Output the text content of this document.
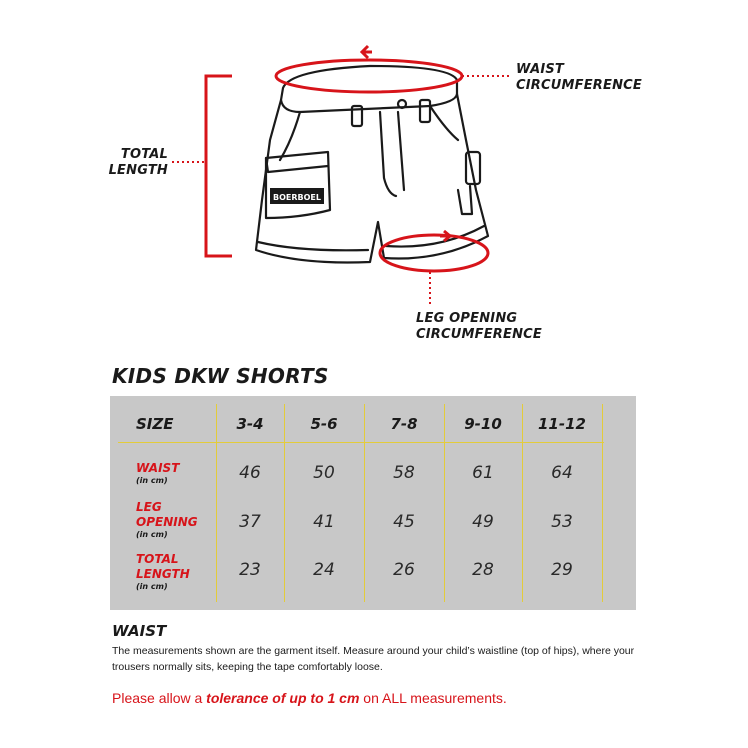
BOERBOEL
WAIST
CIRCUMFERENCE
TOTAL
LENGTH
LEG OPENING
CIRCUMFERENCE
KIDS DKW SHORTS
SIZE	3-4	5-6	7-8	9-10	11-12
WAIST
(in cm)	46	50	58	61	64
LEG
OPENING
(in cm)
37	41	45	49	53
TOTAL
LENGTH
(in cm)
23	24	26	28	29
WAIST
The measurements shown are the garment itself. Measure around your child’s waistline (top of hips), where your trousers normally sits, keeping the tape comfortably loose.
Please allow a tolerance of up to 1 cm on ALL measurements.
